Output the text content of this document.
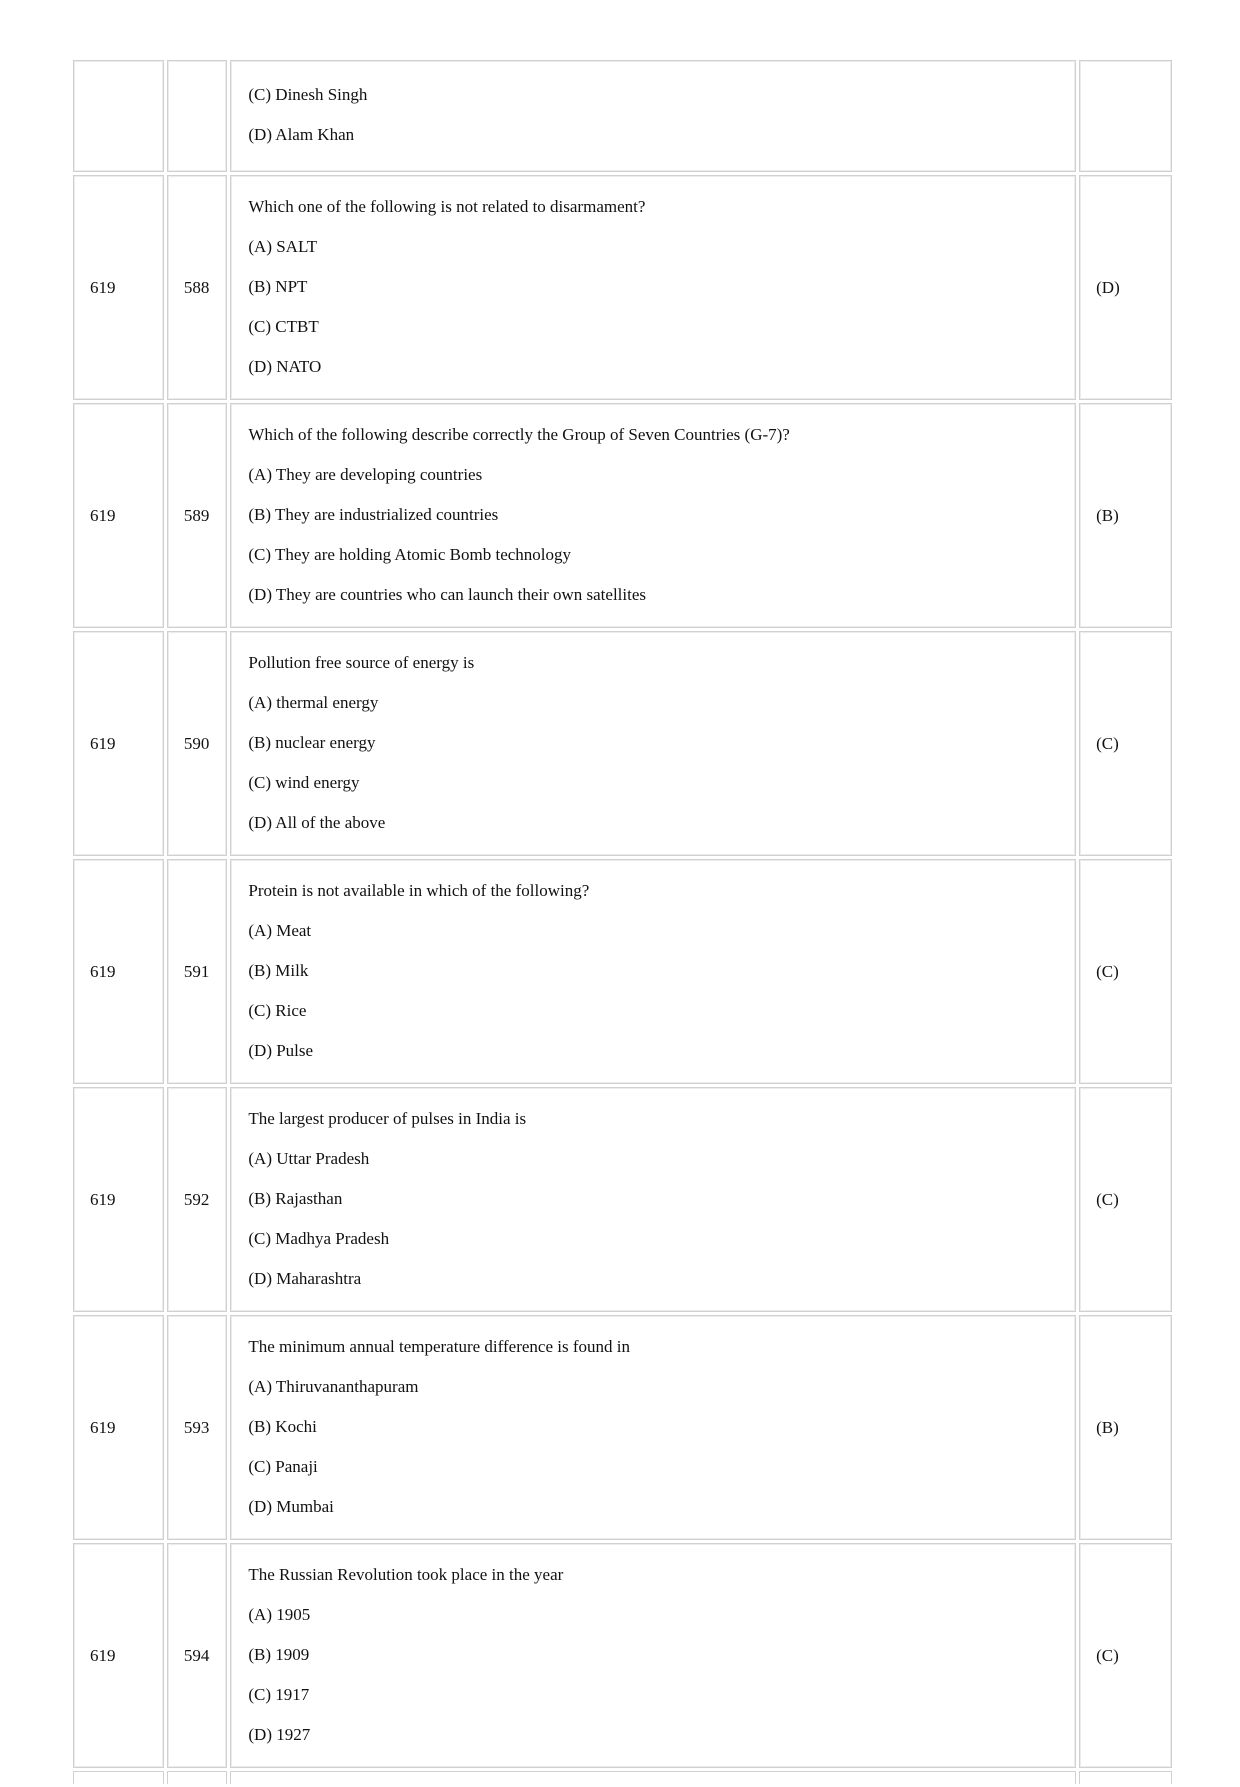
		(C) Dinesh Singh
(D) Alam Khan	

619	588	Which one of the following is not related to disarmament?
(A) SALT
(B) NPT
(C) CTBT
(D) NATO	(D)
619	589	Which of the following describe correctly the Group of Seven Countries (G-7)?
(A) They are developing countries
(B) They are industrialized countries
(C) They are holding Atomic Bomb technology
(D) They are countries who can launch their own satellites	(B)
619	590	Pollution free source of energy is
(A) thermal energy
(B) nuclear energy
(C) wind energy
(D) All of the above	(C)
619	591	Protein is not available in which of the following?
(A) Meat
(B) Milk
(C) Rice
(D) Pulse	(C)
619	592	The largest producer of pulses in India is
(A) Uttar Pradesh
(B) Rajasthan
(C) Madhya Pradesh
(D) Maharashtra	(C)
619	593	The minimum annual temperature difference is found in
(A) Thiruvananthapuram
(B) Kochi
(C) Panaji
(D) Mumbai	(B)
619	594	The Russian Revolution took place in the year
(A) 1905
(B) 1909
(C) 1917
(D) 1927	(C)
